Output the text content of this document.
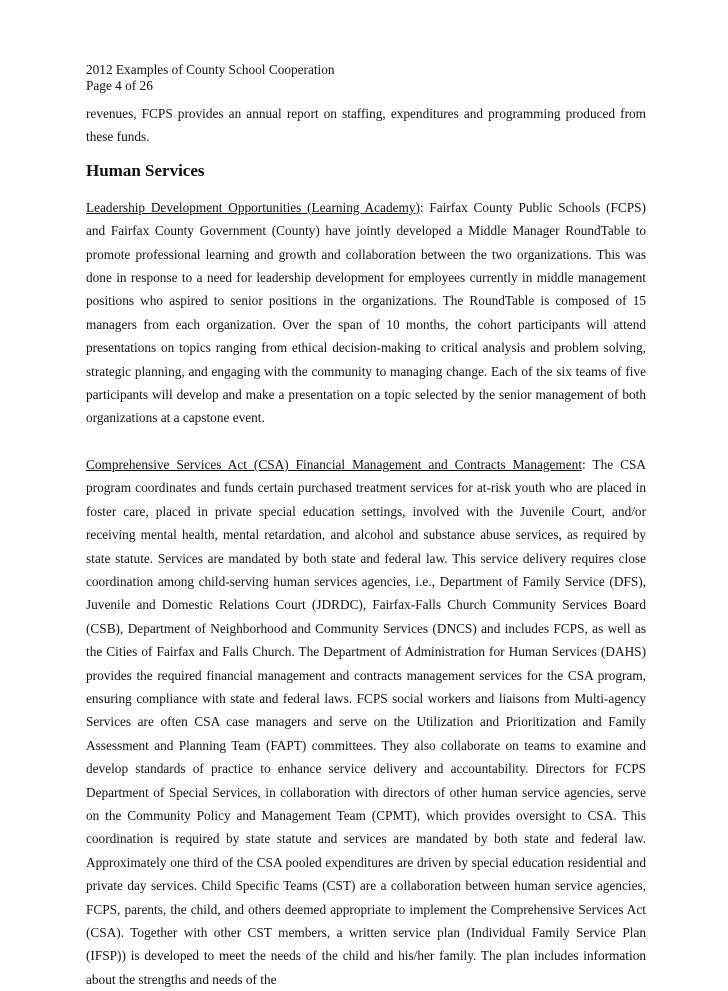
2012 Examples of County School Cooperation
Page 4 of 26

revenues, FCPS provides an annual report on staffing, expenditures and programming produced from these funds.

Human Services

Leadership Development Opportunities (Learning Academy): Fairfax County Public Schools (FCPS) and Fairfax County Government (County) have jointly developed a Middle Manager RoundTable to promote professional learning and growth and collaboration between the two organizations. This was done in response to a need for leadership development for employees currently in middle management positions who aspired to senior positions in the organizations. The RoundTable is composed of 15 managers from each organization. Over the span of 10 months, the cohort participants will attend presentations on topics ranging from ethical decision-making to critical analysis and problem solving, strategic planning, and engaging with the community to managing change. Each of the six teams of five participants will develop and make a presentation on a topic selected by the senior management of both organizations at a capstone event.

Comprehensive Services Act (CSA) Financial Management and Contracts Management: The CSA program coordinates and funds certain purchased treatment services for at-risk youth who are placed in foster care, placed in private special education settings, involved with the Juvenile Court, and/or receiving mental health, mental retardation, and alcohol and substance abuse services, as required by state statute. Services are mandated by both state and federal law. This service delivery requires close coordination among child-serving human services agencies, i.e., Department of Family Service (DFS), Juvenile and Domestic Relations Court (JDRDC), Fairfax-Falls Church Community Services Board (CSB), Department of Neighborhood and Community Services (DNCS) and includes FCPS, as well as the Cities of Fairfax and Falls Church. The Department of Administration for Human Services (DAHS) provides the required financial management and contracts management services for the CSA program, ensuring compliance with state and federal laws. FCPS social workers and liaisons from Multi-agency Services are often CSA case managers and serve on the Utilization and Prioritization and Family Assessment and Planning Team (FAPT) committees. They also collaborate on teams to examine and develop standards of practice to enhance service delivery and accountability. Directors for FCPS Department of Special Services, in collaboration with directors of other human service agencies, serve on the Community Policy and Management Team (CPMT), which provides oversight to CSA. This coordination is required by state statute and services are mandated by both state and federal law. Approximately one third of the CSA pooled expenditures are driven by special education residential and private day services. Child Specific Teams (CST) are a collaboration between human service agencies, FCPS, parents, the child, and others deemed appropriate to implement the Comprehensive Services Act (CSA). Together with other CST members, a written service plan (Individual Family Service Plan (IFSP)) is developed to meet the needs of the child and his/her family. The plan includes information about the strengths and needs of the
